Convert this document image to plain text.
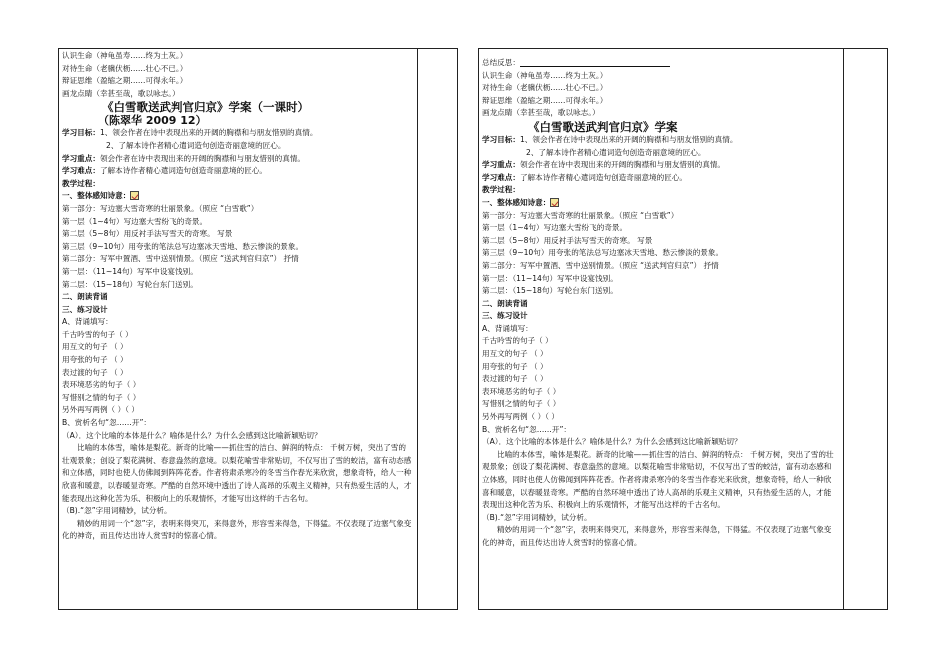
认识生命（神龟虽寿……终为土灰。）
对待生命（老骥伏枥……壮心不已。）
辩证思维（盈缩之期……可得永年。）
画龙点睛（幸甚至哉，歌以咏志。）
《白雪歌送武判官归京》学案（一课时）
（陈翠华 2009 12）
学习目标：1、领会作者在诗中表现出来的开阔的胸襟和与朋友惜别的真情。
2、了解本诗作者精心遣词造句创造奇丽意境的匠心。
学习重点：领会作者在诗中表现出来的开阔的胸襟和与朋友惜别的真情。
学习难点：了解本诗作者精心遣词造句创造奇丽意境的匠心。
教学过程：
一、整体感知诗意：
第一部分：写边塞大雪奇寒的壮丽景象。（照应 “白雪歌”）
第一层（1~4句）写边塞大雪纷飞的奇景。
第二层（5~8句）用反衬手法写雪天的奇寒。 写景
第三层（9~10句）用夸张的笔法总写边塞冰天雪地、愁云惨淡的景象。
第二部分：写军中置酒、雪中送别情景。（照应 “送武判官归京”） 抒情
第一层：（11~14句）写军中设宴饯别。
第二层：（15~18句）写轮台东门送别。
二、朗读背诵
三、练习设计
A、背诵填写：
千古吟雪的句子（ ）
用互文的句子 （ ）
用夸张的句子 （ ）
表过渡的句子 （ ）
表环境恶劣的句子（ ）
写惜别之情的句子（ ）
另外再写两例（ ）（ ）
B、赏析名句“忽……开”：
（A）．这个比喻的本体是什么？喻体是什么？为什么会感到这比喻新颖贴切？
比喻的本体雪，喻体是梨花。新奇的比喻——抓住雪的洁白、鲜润的特点： 千树万树，突出了雪的壮观景象；创设了梨花满树、春意盎然的意境。以梨花喻雪非常贴切，不仅写出了雪的蛟洁，富有动态感和立体感，同时也使人仿佛闻到阵阵花香。作者将肃杀寒冷的冬雪当作春光来欣赏，想象奇特，给人一种欣喜和暖意，以春暖显奇寒。严酷的自然环境中透出了诗人高昂的乐观主义精神，只有热爱生活的人，才能表现出这种化苦为乐、积极向上的乐观情怀，才能写出这样的千古名句。
（B).“忽”字用词精妙，试分析。
精妙的用词一个“忽”字，表明来得突兀，来得意外，形容雪来得急，下得猛。不仅表现了边塞气象变化的神奇，而且传达出诗人赏雪时的惊喜心情。
总结反思：
认识生命（神龟虽寿……终为土灰。）
对待生命（老骥伏枥……壮心不已。）
辩证思维（盈缩之期……可得永年。）
画龙点睛（幸甚至哉，歌以咏志。）
《白雪歌送武判官归京》学案
学习目标：1、领会作者在诗中表现出来的开阔的胸襟和与朋友惜别的真情。
2、了解本诗作者精心遣词造句创造奇丽意境的匠心。
学习重点：领会作者在诗中表现出来的开阔的胸襟和与朋友惜别的真情。
学习难点：了解本诗作者精心遣词造句创造奇丽意境的匠心。
教学过程：
一、整体感知诗意：
第一部分：写边塞大雪奇寒的壮丽景象。（照应 “白雪歌”）
第一层（1~4句）写边塞大雪纷飞的奇景。
第二层（5~8句）用反衬手法写雪天的奇寒。 写景
第三层（9~10句）用夸张的笔法总写边塞冰天雪地、愁云惨淡的景象。
第二部分：写军中置酒、雪中送别情景。（照应 “送武判官归京”） 抒情
第一层：（11~14句）写军中设宴饯别。
第二层：（15~18句）写轮台东门送别。
二、朗读背诵
三、练习设计
A、背诵填写：
千古吟雪的句子（ ）
用互文的句子 （ ）
用夸张的句子 （ ）
表过渡的句子 （ ）
表环境恶劣的句子（ ）
写惜别之情的句子（ ）
另外再写两例（ ）（ ）
B、赏析名句“忽……开”：
（A）．这个比喻的本体是什么？喻体是什么？为什么会感到这比喻新颖贴切？
比喻的本体雪，喻体是梨花。新奇的比喻——抓住雪的洁白、鲜润的特点： 千树万树，突出了雪的壮观景象；创设了梨花满树、春意盎然的意境。以梨花喻雪非常贴切，不仅写出了雪的蛟洁，富有动态感和立体感，同时也使人仿佛闻到阵阵花香。作者将肃杀寒冷的冬雪当作春光来欣赏，想象奇特，给人一种欣喜和暖意，以春暖显奇寒。严酷的自然环境中透出了诗人高昂的乐观主义精神，只有热爱生活的人，才能表现出这种化苦为乐、积极向上的乐观情怀，才能写出这样的千古名句。
（B).“忽”字用词精妙，试分析。
精妙的用词一个“忽”字，表明来得突兀，来得意外，形容雪来得急，下得猛。不仅表现了边塞气象变化的神奇，而且传达出诗人赏雪时的惊喜心情。
